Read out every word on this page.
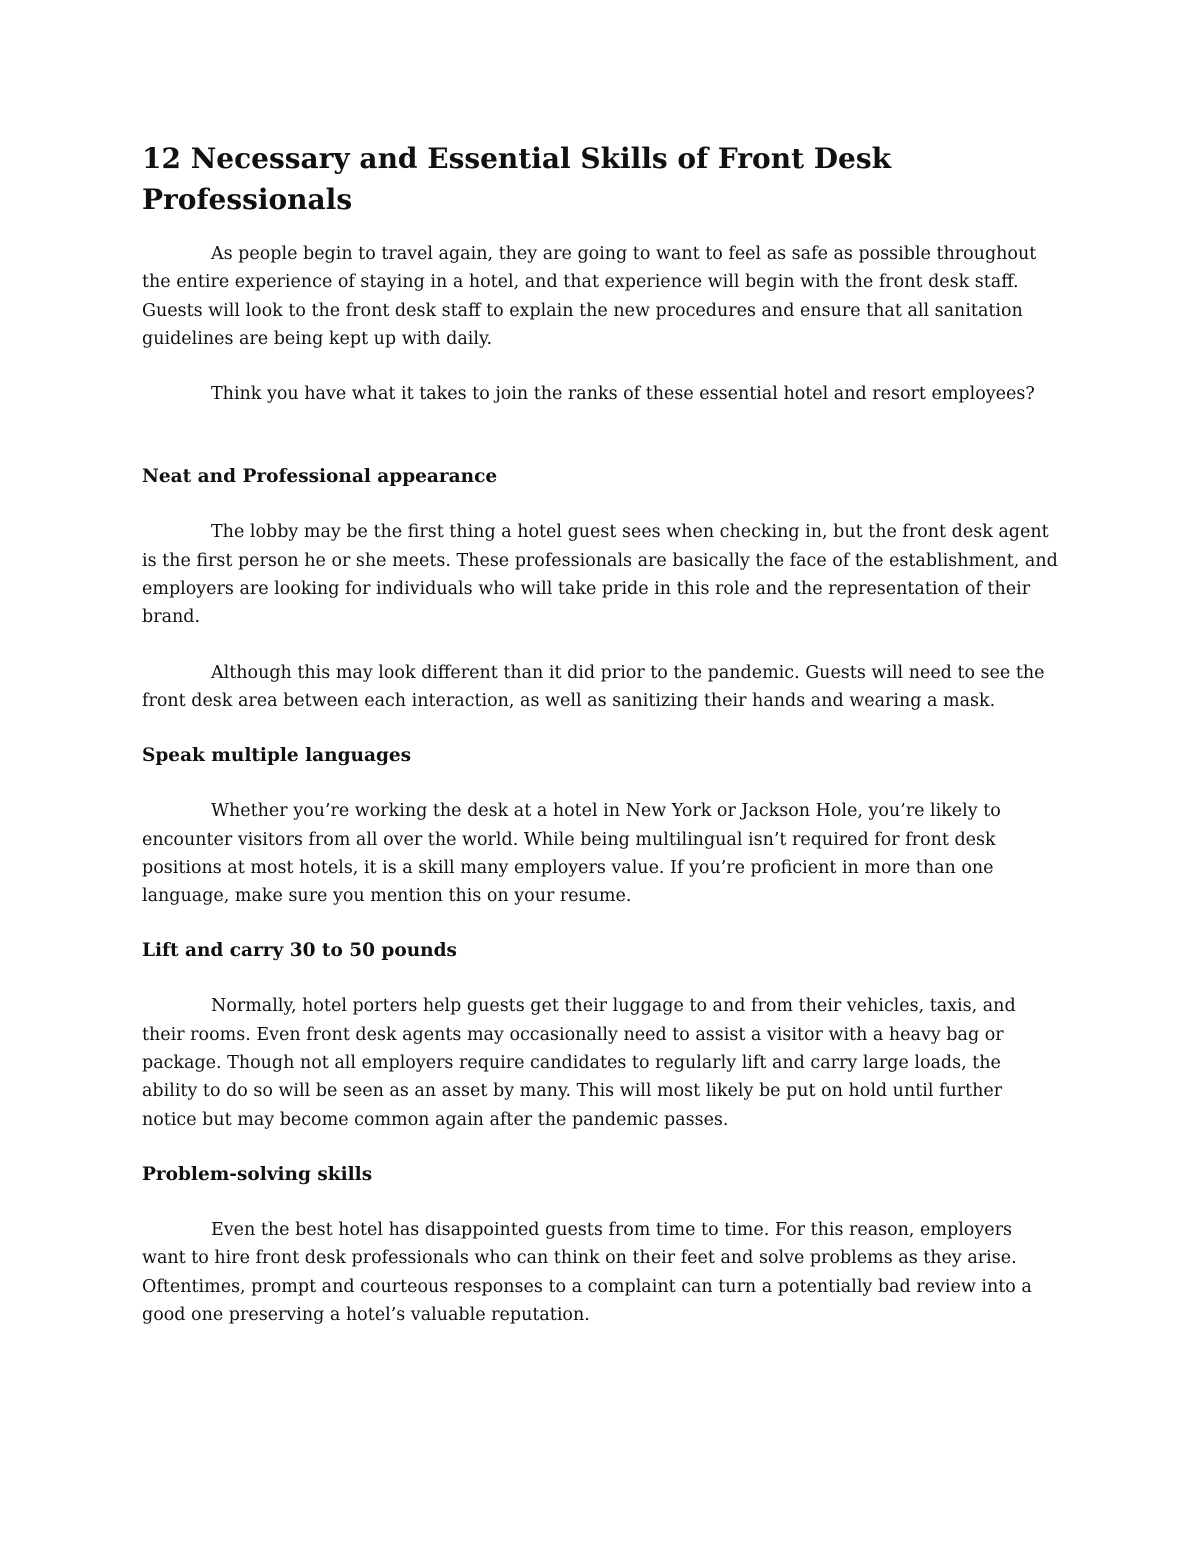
12 Necessary and Essential Skills of Front Desk Professionals

As people begin to travel again, they are going to want to feel as safe as possible throughout the entire experience of staying in a hotel, and that experience will begin with the front desk staff. Guests will look to the front desk staff to explain the new procedures and ensure that all sanitation guidelines are being kept up with daily.

Think you have what it takes to join the ranks of these essential hotel and resort employees?

Neat and Professional appearance

The lobby may be the first thing a hotel guest sees when checking in, but the front desk agent is the first person he or she meets. These professionals are basically the face of the establishment, and employers are looking for individuals who will take pride in this role and the representation of their brand.

Although this may look different than it did prior to the pandemic. Guests will need to see the front desk area between each interaction, as well as sanitizing their hands and wearing a mask.

Speak multiple languages

Whether you’re working the desk at a hotel in New York or Jackson Hole, you’re likely to encounter visitors from all over the world. While being multilingual isn’t required for front desk positions at most hotels, it is a skill many employers value. If you’re proficient in more than one language, make sure you mention this on your resume.

Lift and carry 30 to 50 pounds

Normally, hotel porters help guests get their luggage to and from their vehicles, taxis, and their rooms. Even front desk agents may occasionally need to assist a visitor with a heavy bag or package. Though not all employers require candidates to regularly lift and carry large loads, the ability to do so will be seen as an asset by many. This will most likely be put on hold until further notice but may become common again after the pandemic passes.

Problem-solving skills

Even the best hotel has disappointed guests from time to time. For this reason, employers want to hire front desk professionals who can think on their feet and solve problems as they arise. Oftentimes, prompt and courteous responses to a complaint can turn a potentially bad review into a good one preserving a hotel’s valuable reputation.
